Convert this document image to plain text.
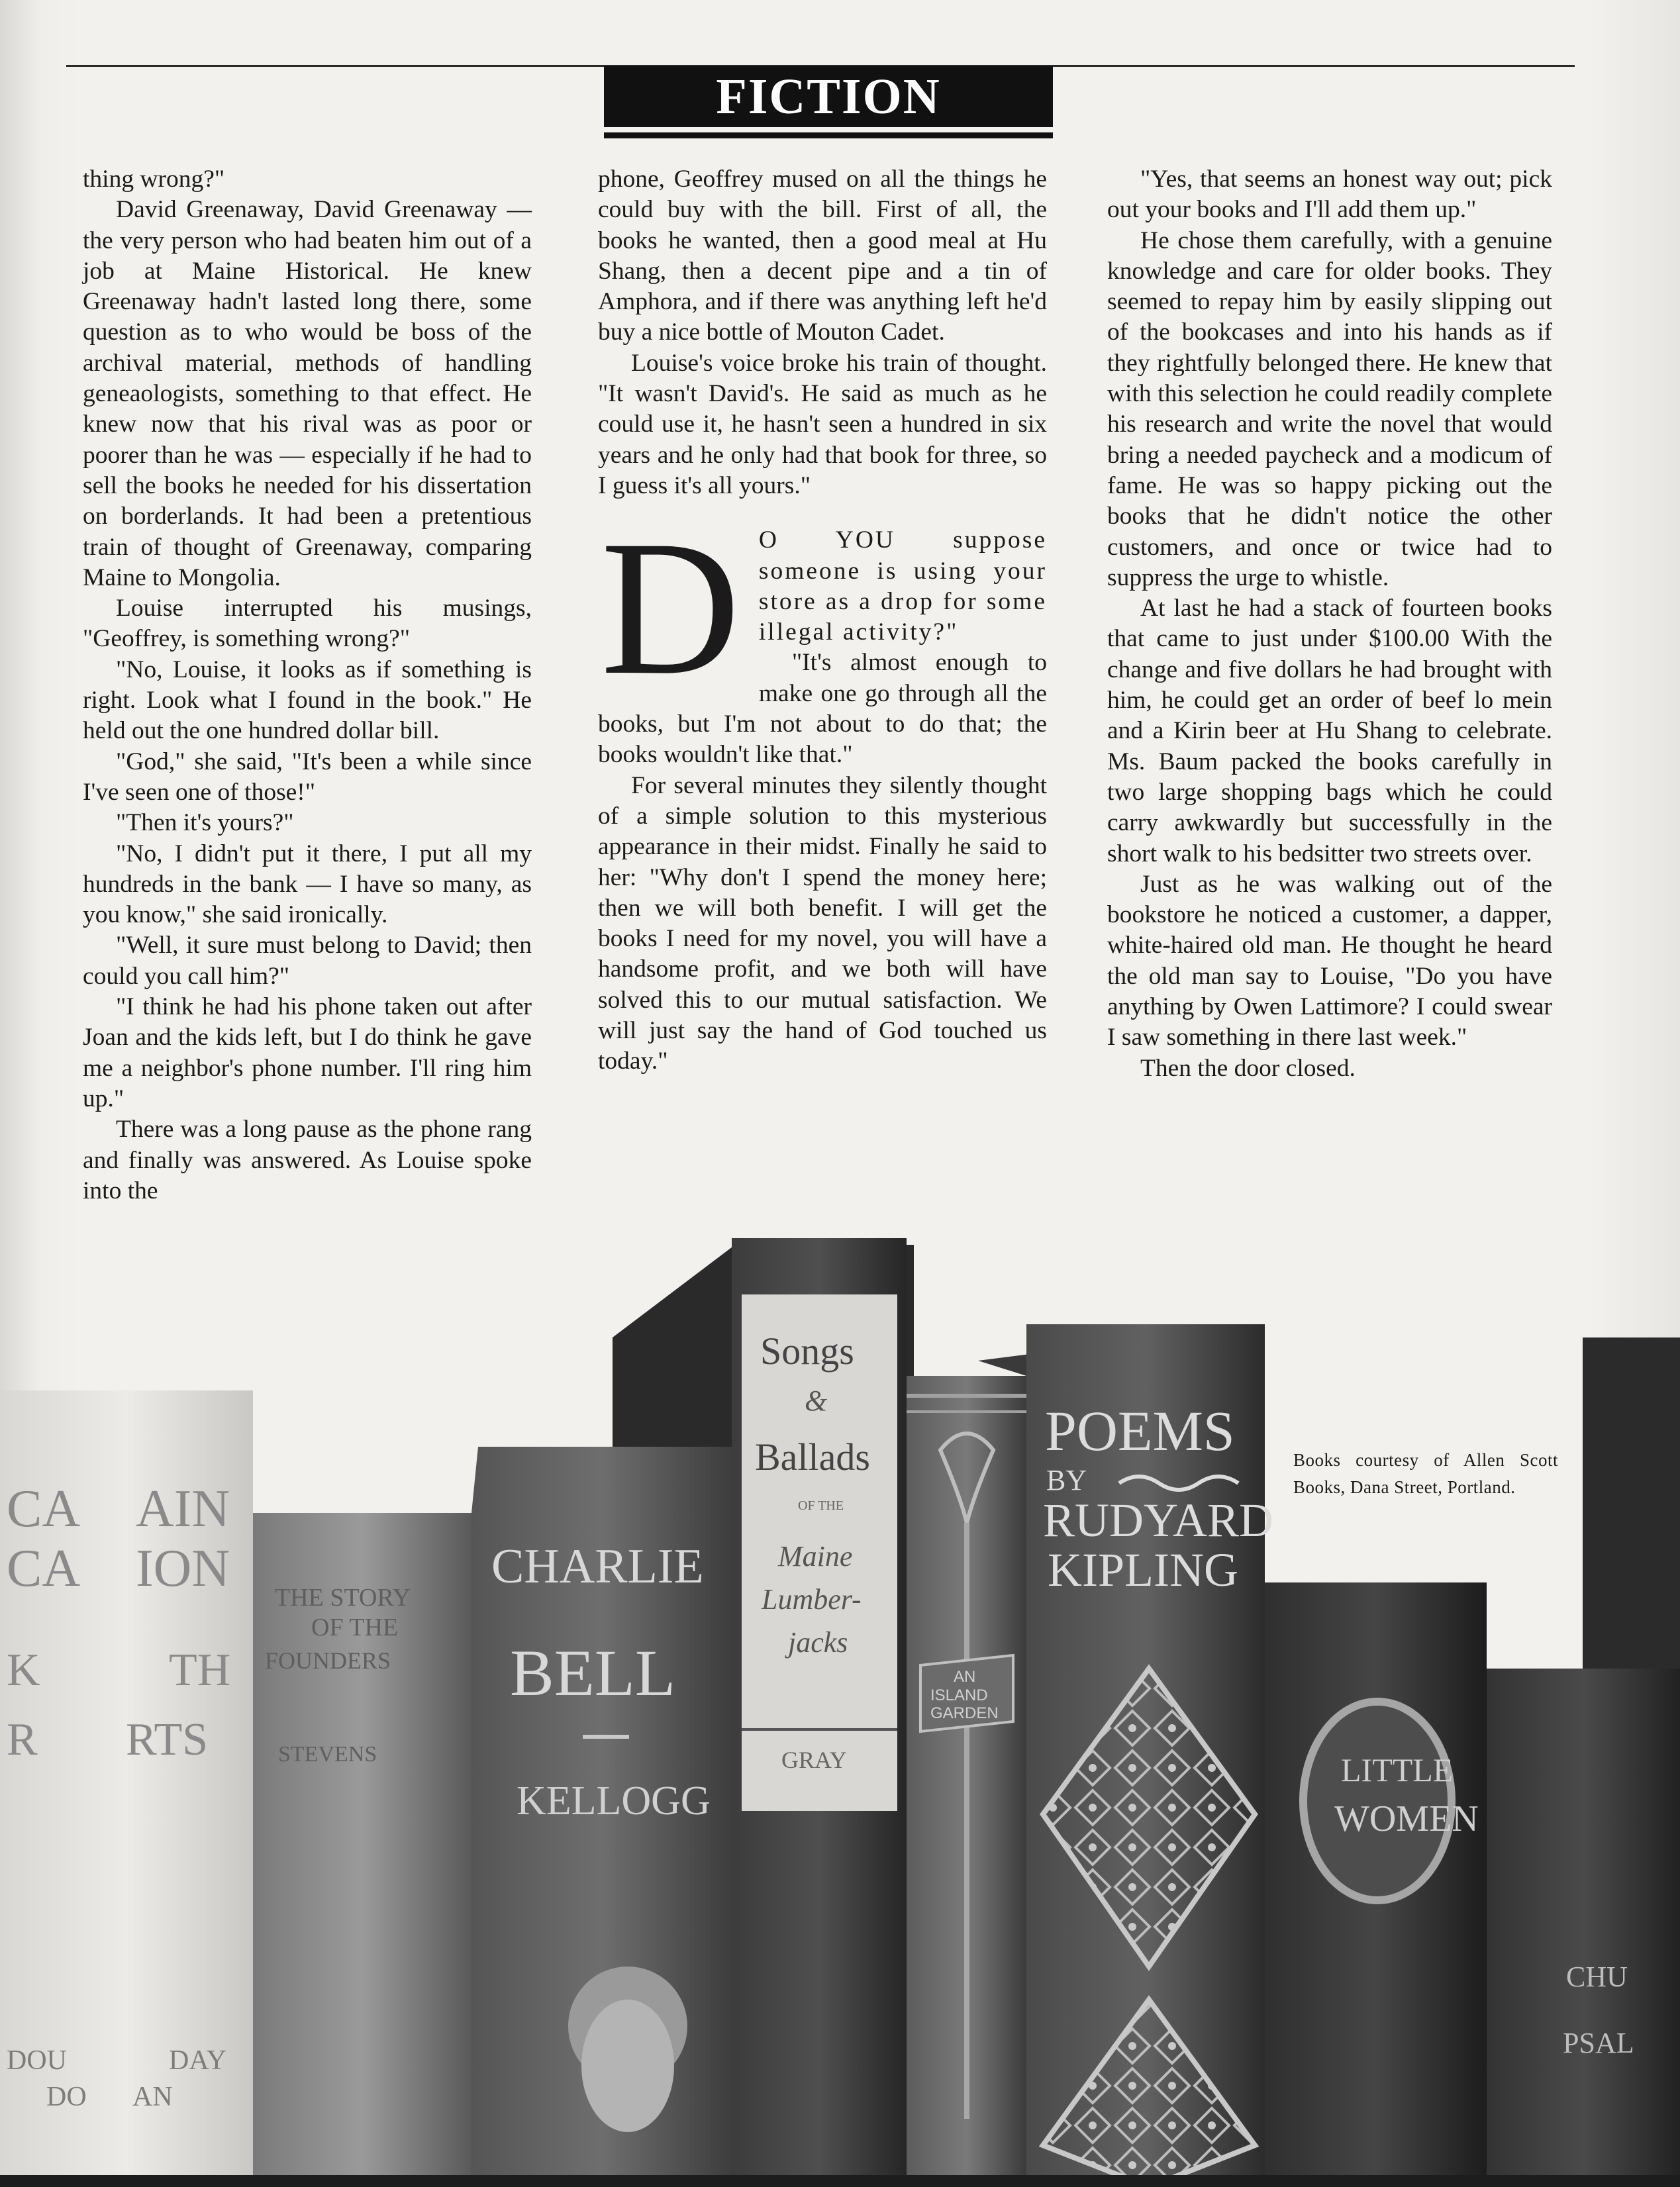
FICTION

thing wrong?"

David Greenaway, David Greenaway — the very person who had beaten him out of a job at Maine Historical. He knew Greenaway hadn't lasted long there, some question as to who would be boss of the archival material, methods of handling geneaologists, something to that effect. He knew now that his rival was as poor or poorer than he was — especially if he had to sell the books he needed for his dissertation on borderlands. It had been a pretentious train of thought of Greenaway, comparing Maine to Mongolia.

Louise interrupted his musings, "Geoffrey, is something wrong?"

"No, Louise, it looks as if something is right. Look what I found in the book." He held out the one hundred dollar bill.

"God," she said, "It's been a while since I've seen one of those!"

"Then it's yours?"

"No, I didn't put it there, I put all my hundreds in the bank — I have so many, as you know," she said ironically.

"Well, it sure must belong to David; then could you call him?"

"I think he had his phone taken out after Joan and the kids left, but I do think he gave me a neighbor's phone number. I'll ring him up."

There was a long pause as the phone rang and finally was answered. As Louise spoke into the

phone, Geoffrey mused on all the things he could buy with the bill. First of all, the books he wanted, then a good meal at Hu Shang, then a decent pipe and a tin of Amphora, and if there was anything left he'd buy a nice bottle of Mouton Cadet.

Louise's voice broke his train of thought. "It wasn't David's. He said as much as he could use it, he hasn't seen a hundred in six years and he only had that book for three, so I guess it's all yours."

D O YOU suppose someone is using your store as a drop for some illegal activity?"

"It's almost enough to make one go through all the books, but I'm not about to do that; the books wouldn't like that."

For several minutes they silently thought of a simple solution to this mysterious appearance in their midst. Finally he said to her: "Why don't I spend the money here; then we will both benefit. I will get the books I need for my novel, you will have a handsome profit, and we both will have solved this to our mutual satisfaction. We will just say the hand of God touched us today."

"Yes, that seems an honest way out; pick out your books and I'll add them up."

He chose them carefully, with a genuine knowledge and care for older books. They seemed to repay him by easily slipping out of the bookcases and into his hands as if they rightfully belonged there. He knew that with this selection he could readily complete his research and write the novel that would bring a needed paycheck and a modicum of fame. He was so happy picking out the books that he didn't notice the other customers, and once or twice had to suppress the urge to whistle.

At last he had a stack of fourteen books that came to just under $100.00 With the change and five dollars he had brought with him, he could get an order of beef lo mein and a Kirin beer at Hu Shang to celebrate. Ms. Baum packed the books carefully in two large shopping bags which he could carry awkwardly but successfully in the short walk to his bedsitter two streets over.

Just as he was walking out of the bookstore he noticed a customer, a dapper, white-haired old man. He thought he heard the old man say to Louise, "Do you have anything by Owen Lattimore? I could swear I saw something in there last week."

Then the door closed.

CA AIN
CA ION
K	TH
R RTS
DOU	DAY
DO AN
THE STORY
OF THE
FOUNDERS
STEVENS
CHARLIE
BELL
KELLOGG
Songs
&
Ballads
OF THE
Maine
Lumber-
jacks
GRAY
AN
ISLAND
GARDEN
POEMS
BY
RUDYARD
KIPLING
LITTLE
WOMEN
CHU
PSAL
Books courtesy of Allen Scott Books, Dana Street, Portland.
